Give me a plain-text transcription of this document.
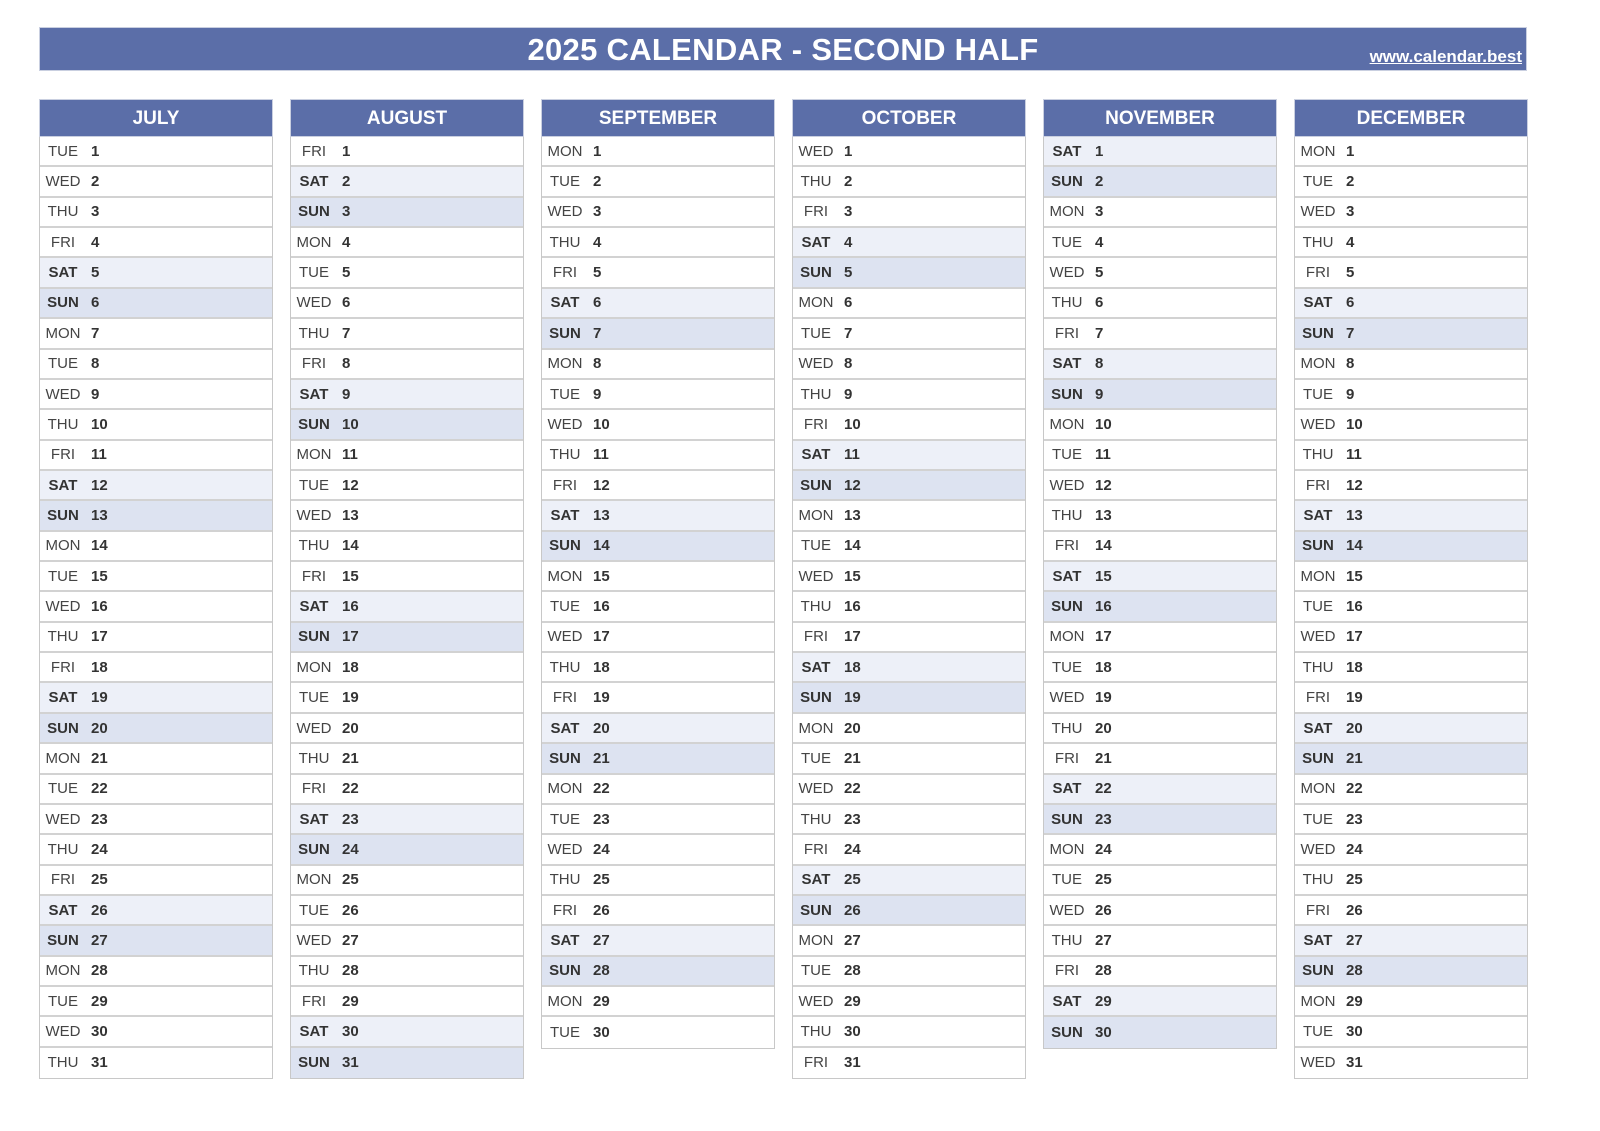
2025 CALENDAR - SECOND HALF	www.calendar.best
JULY
TUE 1
WED 2
THU 3
FRI	4
SAT 5
SUN 6
MON 7
TUE 8
WED 9
THU 10
FRI	11
SAT 12
SUN 13
MON 14
TUE 15
WED 16
THU 17
FRI	18
SAT 19
SUN 20
MON 21
TUE 22
WED 23
THU 24
FRI	25
SAT 26
SUN 27
MON 28
TUE 29
WED 30
THU 31
AUGUST
FRI	1
SAT 2
SUN 3
MON 4
TUE 5
WED 6
THU 7
FRI	8
SAT 9
SUN 10
MON 11
TUE 12
WED 13
THU 14
FRI	15
SAT 16
SUN 17
MON 18
TUE 19
WED 20
THU 21
FRI	22
SAT 23
SUN 24
MON 25
TUE 26
WED 27
THU 28
FRI	29
SAT 30
SUN 31
SEPTEMBER
MON 1
TUE 2
WED 3
THU 4
FRI	5
SAT 6
SUN 7
MON 8
TUE 9
WED 10
THU 11
FRI	12
SAT 13
SUN 14
MON 15
TUE 16
WED 17
THU 18
FRI	19
SAT 20
SUN 21
MON 22
TUE 23
WED 24
THU 25
FRI	26
SAT 27
SUN 28
MON 29
TUE 30
OCTOBER
WED 1
THU 2
FRI	3
SAT 4
SUN 5
MON 6
TUE 7
WED 8
THU 9
FRI	10
SAT 11
SUN 12
MON 13
TUE 14
WED 15
THU 16
FRI	17
SAT 18
SUN 19
MON 20
TUE 21
WED 22
THU 23
FRI	24
SAT 25
SUN 26
MON 27
TUE 28
WED 29
THU 30
FRI	31
NOVEMBER
SAT 1
SUN 2
MON 3
TUE 4
WED 5
THU 6
FRI	7
SAT 8
SUN 9
MON 10
TUE 11
WED 12
THU 13
FRI	14
SAT 15
SUN 16
MON 17
TUE 18
WED 19
THU 20
FRI	21
SAT 22
SUN 23
MON 24
TUE 25
WED 26
THU 27
FRI	28
SAT 29
SUN 30
DECEMBER
MON 1
TUE 2
WED 3
THU 4
FRI	5
SAT 6
SUN 7
MON 8
TUE 9
WED 10
THU 11
FRI	12
SAT 13
SUN 14
MON 15
TUE 16
WED 17
THU 18
FRI	19
SAT 20
SUN 21
MON 22
TUE 23
WED 24
THU 25
FRI	26
SAT 27
SUN 28
MON 29
TUE 30
WED 31
